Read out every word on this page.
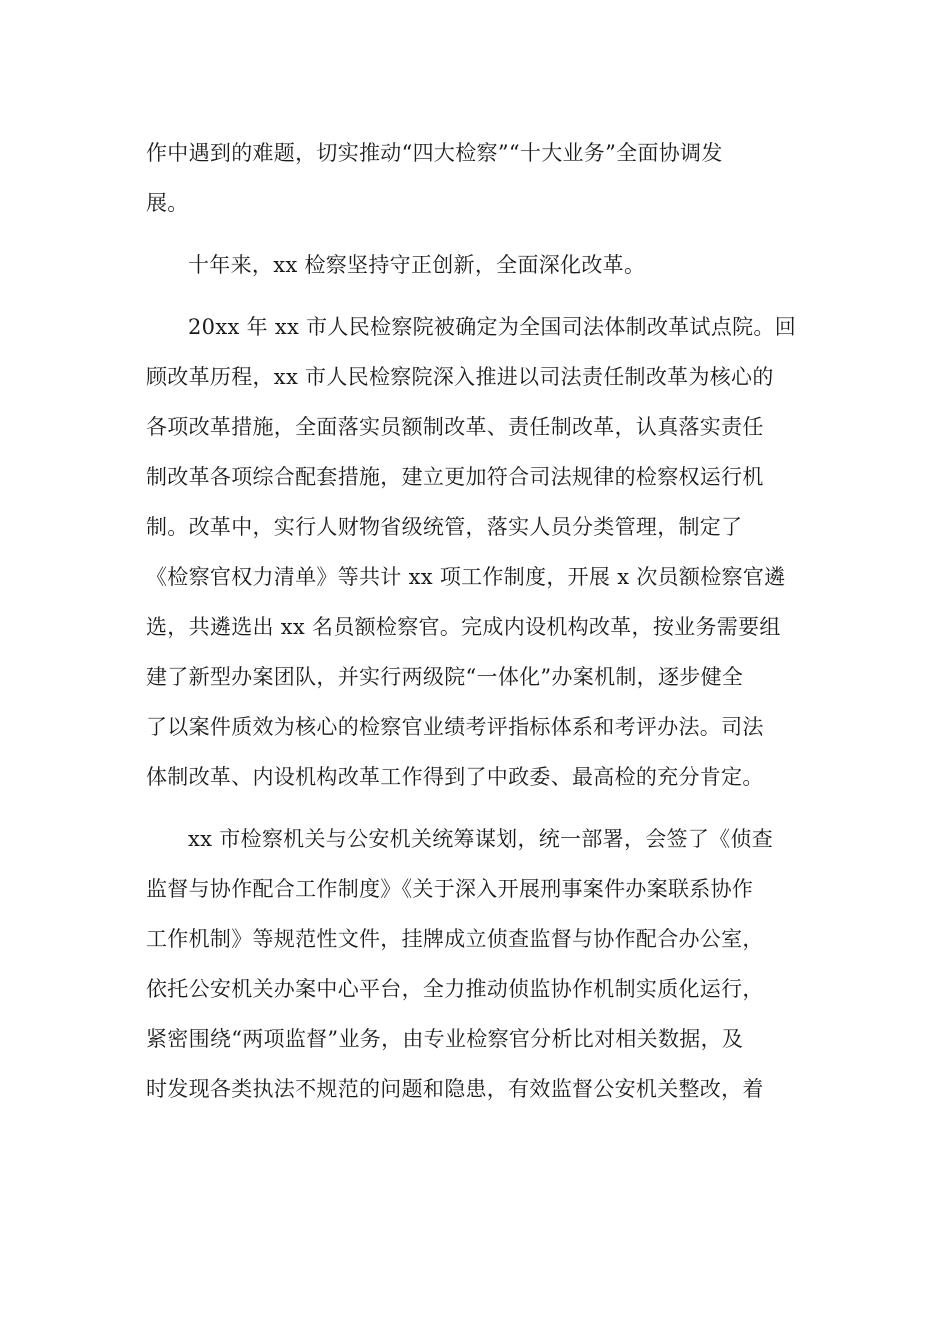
作中遇到的难题，切实推动“四大检察”“十大业务”全面协调发
展。
十年来，xx 检察坚持守正创新，全面深化改革。
20xx 年 xx 市人民检察院被确定为全国司法体制改革试点院。回
顾改革历程，xx 市人民检察院深入推进以司法责任制改革为核心的
各项改革措施，全面落实员额制改革、责任制改革，认真落实责任
制改革各项综合配套措施，建立更加符合司法规律的检察权运行机
制。改革中，实行人财物省级统管，落实人员分类管理，制定了
《检察官权力清单》等共计 xx 项工作制度，开展 x 次员额检察官遴
选，共遴选出 xx 名员额检察官。完成内设机构改革，按业务需要组
建了新型办案团队，并实行两级院“一体化”办案机制，逐步健全
了以案件质效为核心的检察官业绩考评指标体系和考评办法。司法
体制改革、内设机构改革工作得到了中政委、最高检的充分肯定。
xx 市检察机关与公安机关统筹谋划，统一部署，会签了《侦查
监督与协作配合工作制度》《关于深入开展刑事案件办案联系协作
工作机制》等规范性文件，挂牌成立侦查监督与协作配合办公室，
依托公安机关办案中心平台，全力推动侦监协作机制实质化运行，
紧密围绕“两项监督”业务，由专业检察官分析比对相关数据，及
时发现各类执法不规范的问题和隐患，有效监督公安机关整改，着
